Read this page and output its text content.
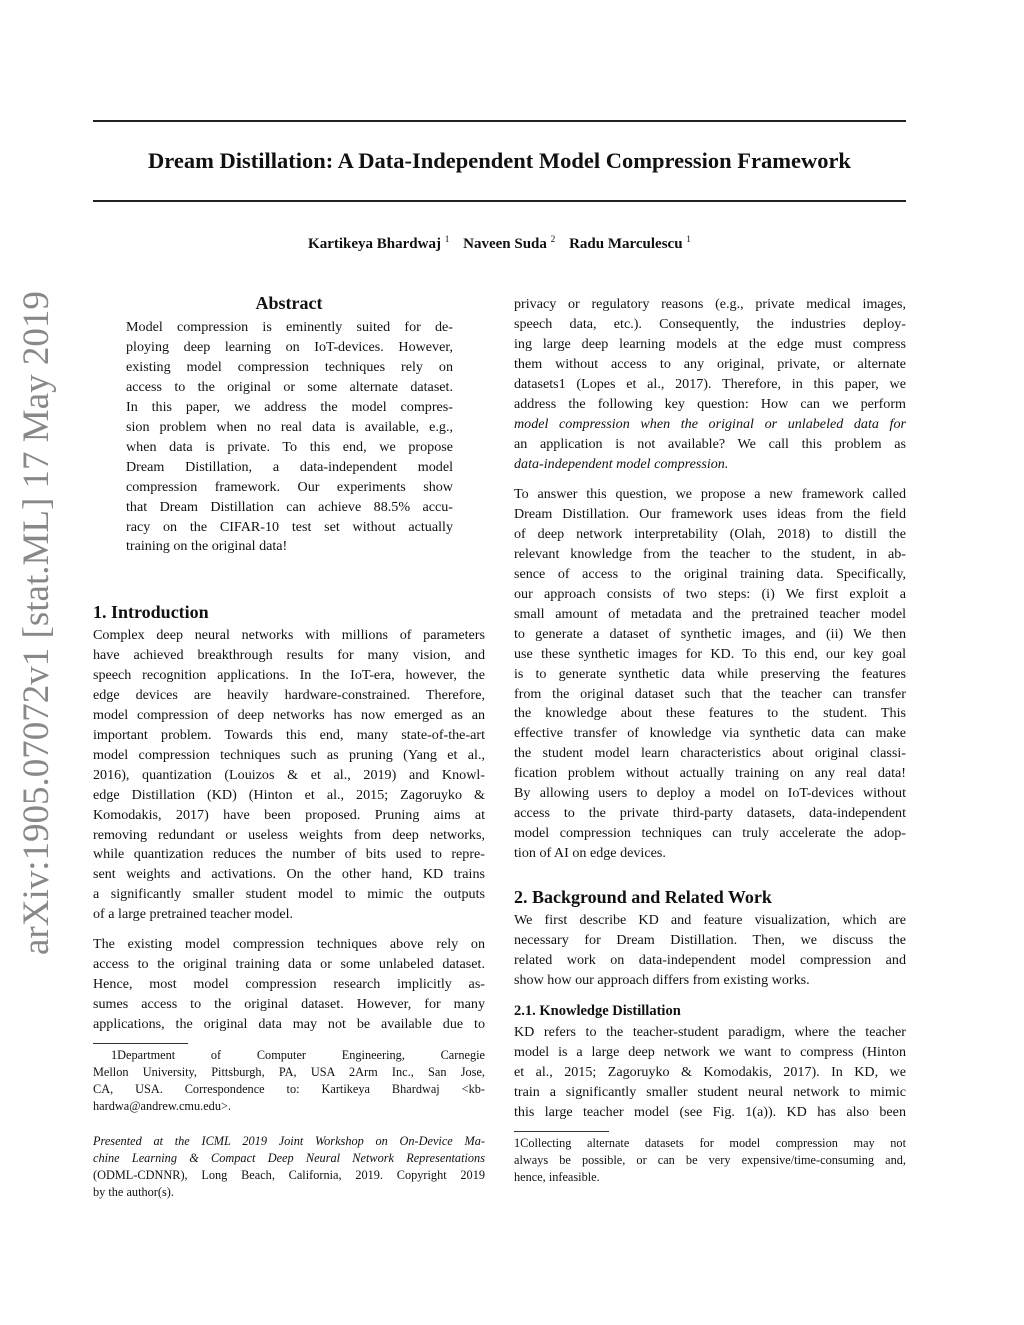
Dream Distillation: A Data-Independent Model Compression Framework
Kartikeya Bhardwaj $^1$ Naveen Suda $^2$ Radu Marculescu $^1$
arXiv:1905.07072v1 [stat.ML] 17 May 2019	Abstract
Model compression is eminently suited for de-
ploying deep learning on IoT-devices. However,
existing model compression techniques rely on
access to the original or some alternate dataset.
In this paper, we address the model compres-
sion problem when no real data is available, e.g.,
when data is private. To this end, we propose
Dream Distillation, a data-independent model
compression framework. Our experiments show
that Dream Distillation can achieve 88.5% accu-
racy on the CIFAR-10 test set without actually
training on the original data!
1. Introduction
Complex deep neural networks with millions of parameters
have achieved breakthrough results for many vision, and
speech recognition applications. In the IoT-era, however, the
edge devices are heavily hardware-constrained. Therefore,
model compression of deep networks has now emerged as an
important problem. Towards this end, many state-of-the-art
model compression techniques such as pruning (Yang et al.,
2016), quantization (Louizos & et al., 2019) and Knowl-
edge Distillation (KD) (Hinton et al., 2015; Zagoruyko &
Komodakis, 2017) have been proposed. Pruning aims at
removing redundant or useless weights from deep networks,
while quantization reduces the number of bits used to repre-
sent weights and activations. On the other hand, KD trains
a significantly smaller student model to mimic the outputs
of a large pretrained teacher model.
The existing model compression techniques above rely on
access to the original training data or some unlabeled dataset.
Hence, most model compression research implicitly as-
sumes access to the original dataset. However, for many
applications, the original data may not be available due to
1Department of Computer Engineering, Carnegie
Mellon University, Pittsburgh, PA, USA 2Arm Inc., San Jose,
CA, USA. Correspondence to: Kartikeya Bhardwaj <kb-
hardwa@andrew.cmu.edu>.
Presented at the ICML 2019 Joint Workshop on On-Device Ma-
chine Learning & Compact Deep Neural Network Representations
(ODML-CDNNR), Long Beach, California, 2019. Copyright 2019
by the author(s).
privacy or regulatory reasons (e.g., private medical images,
speech data, etc.). Consequently, the industries deploy-
ing large deep learning models at the edge must compress
them without access to any original, private, or alternate
datasets1 (Lopes et al., 2017). Therefore, in this paper, we
address the following key question: How can we perform
model compression when the original or unlabeled data for
an application is not available? We call this problem as
data-independent model compression.
To answer this question, we propose a new framework called
Dream Distillation. Our framework uses ideas from the field
of deep network interpretability (Olah, 2018) to distill the
relevant knowledge from the teacher to the student, in ab-
sence of access to the original training data. Specifically,
our approach consists of two steps: (i) We first exploit a
small amount of metadata and the pretrained teacher model
to generate a dataset of synthetic images, and (ii) We then
use these synthetic images for KD. To this end, our key goal
is to generate synthetic data while preserving the features
from the original dataset such that the teacher can transfer
the knowledge about these features to the student. This
effective transfer of knowledge via synthetic data can make
the student model learn characteristics about original classi-
fication problem without actually training on any real data!
By allowing users to deploy a model on IoT-devices without
access to the private third-party datasets, data-independent
model compression techniques can truly accelerate the adop-
tion of AI on edge devices.
2. Background and Related Work
We first describe KD and feature visualization, which are
necessary for Dream Distillation. Then, we discuss the
related work on data-independent model compression and
show how our approach differs from existing works.
2.1. Knowledge Distillation
KD refers to the teacher-student paradigm, where the teacher
model is a large deep network we want to compress (Hinton
et al., 2015; Zagoruyko & Komodakis, 2017). In KD, we
train a significantly smaller student neural network to mimic
this large teacher model (see Fig. 1(a)). KD has also been
1Collecting alternate datasets for model compression may not
always be possible, or can be very expensive/time-consuming and,
hence, infeasible.
